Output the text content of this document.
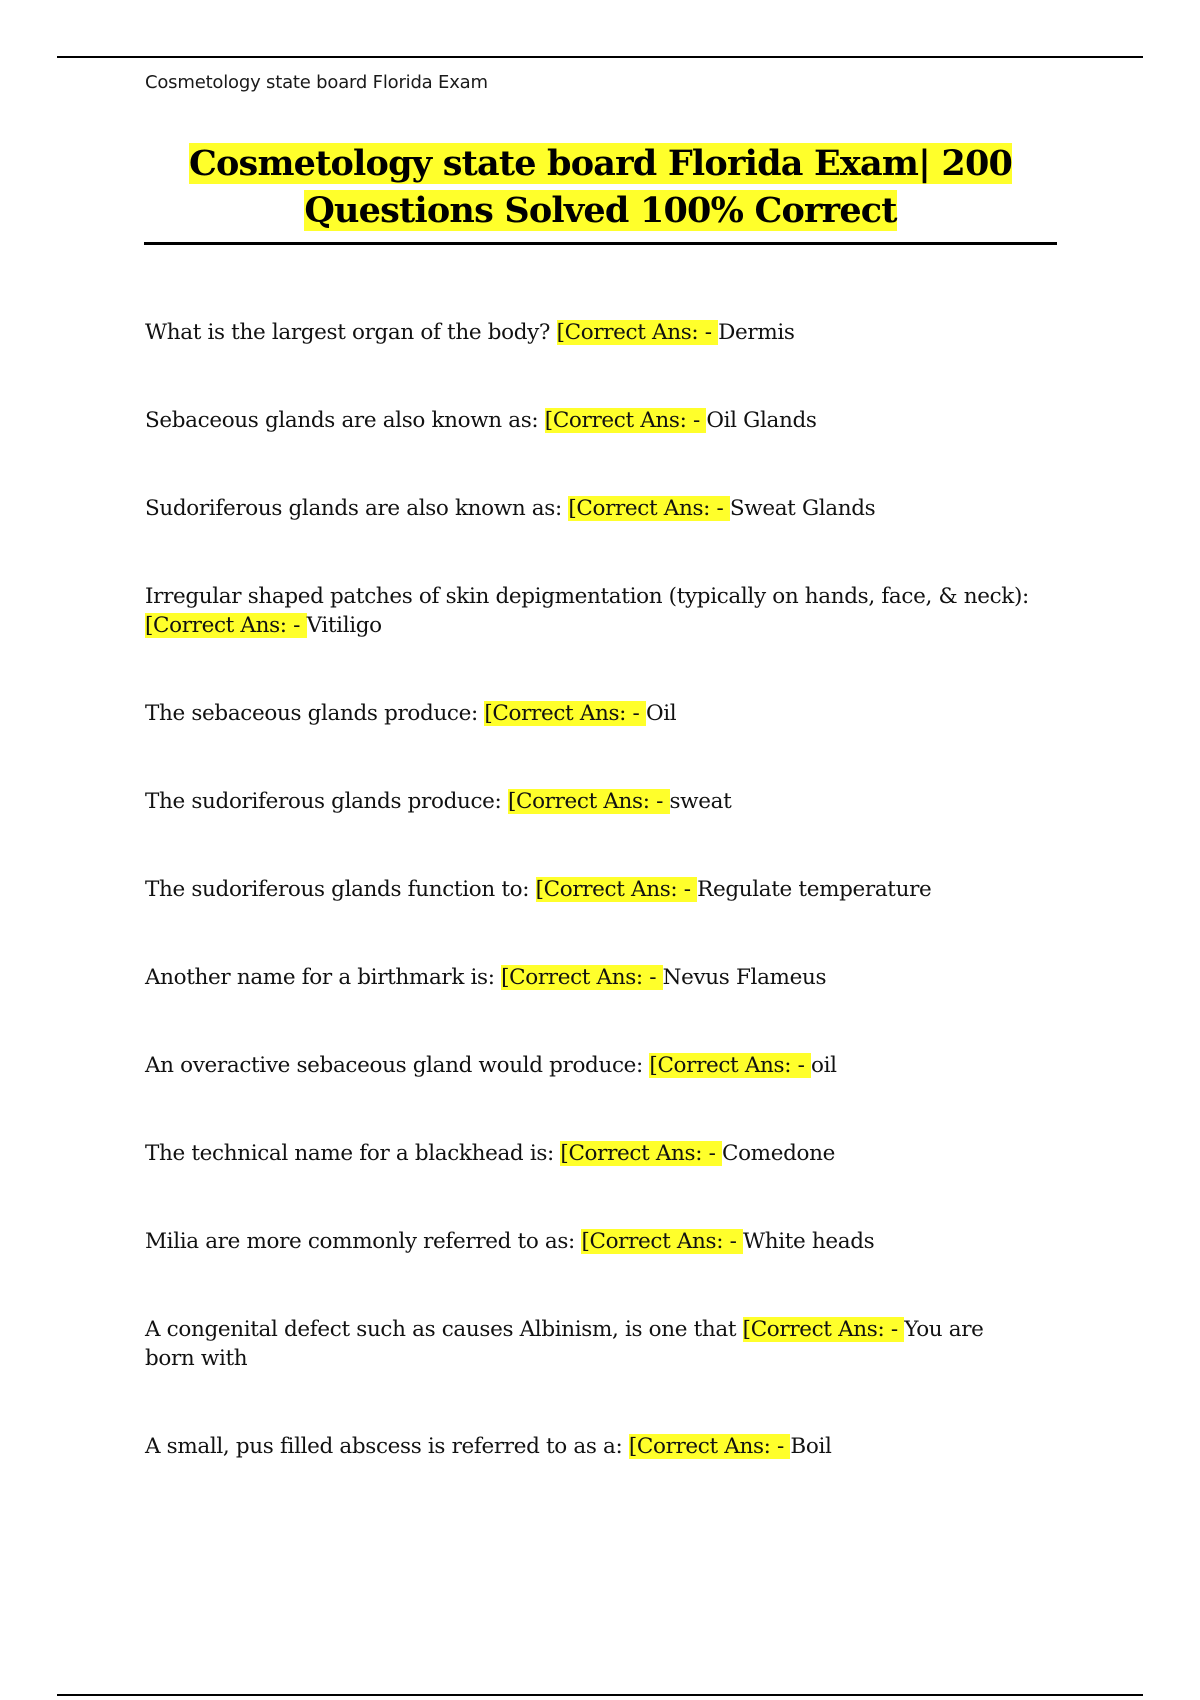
Cosmetology state board Florida Exam
Cosmetology state board Florida Exam| 200
Questions Solved 100% Correct
What is the largest organ of the body? [Correct Ans: - Dermis
Sebaceous glands are also known as: [Correct Ans: - Oil Glands
Sudoriferous glands are also known as: [Correct Ans: - Sweat Glands
Irregular shaped patches of skin depigmentation (typically on hands, face, & neck): [Correct Ans: - Vitiligo
The sebaceous glands produce: [Correct Ans: - Oil
The sudoriferous glands produce: [Correct Ans: - sweat
The sudoriferous glands function to: [Correct Ans: - Regulate temperature
Another name for a birthmark is: [Correct Ans: - Nevus Flameus
An overactive sebaceous gland would produce: [Correct Ans: - oil
The technical name for a blackhead is: [Correct Ans: - Comedone
Milia are more commonly referred to as: [Correct Ans: - White heads
A congenital defect such as causes Albinism, is one that [Correct Ans: - You are born with
A small, pus filled abscess is referred to as a: [Correct Ans: - Boil
